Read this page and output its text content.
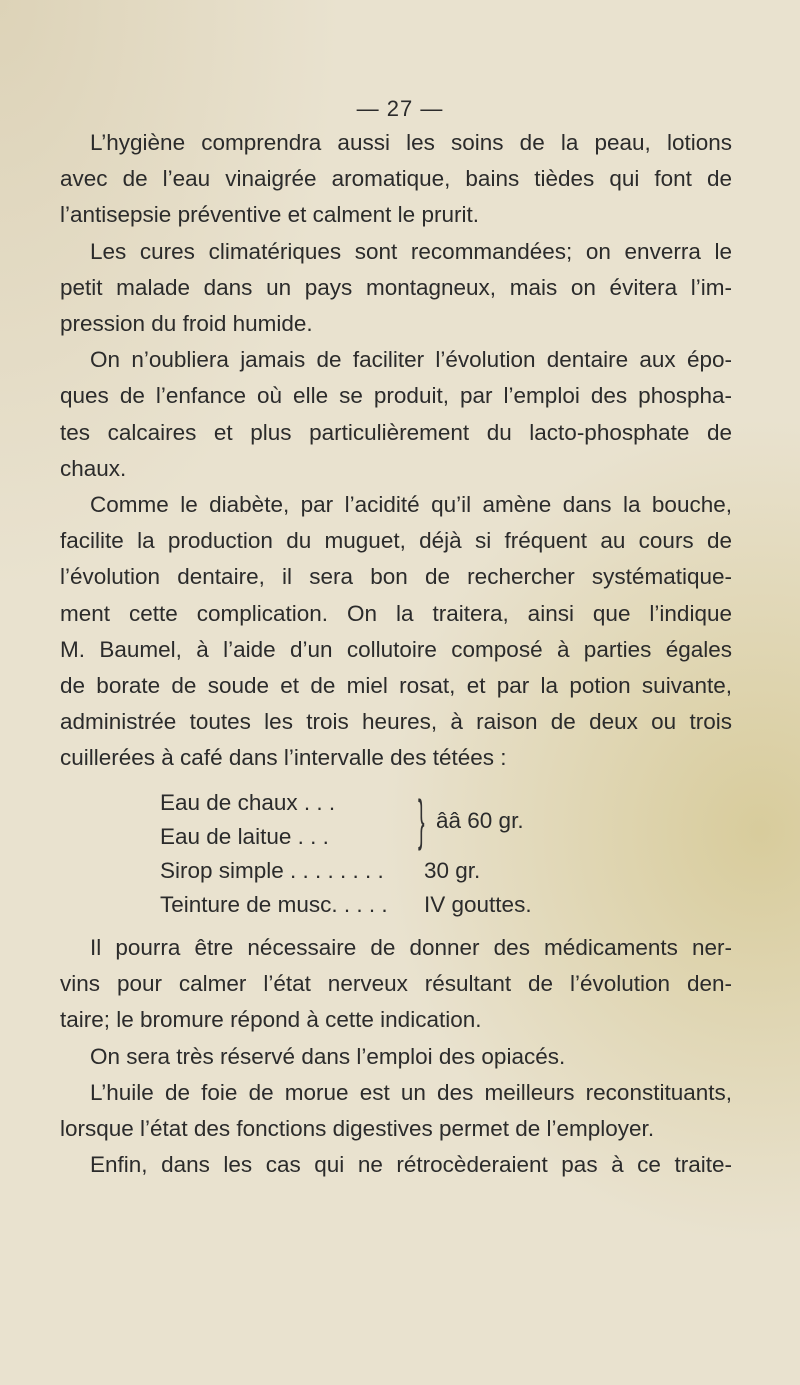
— 27 —
L’hygiène comprendra aussi les soins de la peau, lotions
avec de l’eau vinaigrée aromatique, bains tièdes qui font de
l’antisepsie préventive et calment le prurit.
Les cures climatériques sont recommandées; on enverra le
petit malade dans un pays montagneux, mais on évitera l’im-
pression du froid humide.
On n’oubliera jamais de faciliter l’évolution dentaire aux épo-
ques de l’enfance où elle se produit, par l’emploi des phospha-
tes calcaires et plus particulièrement du lacto-phosphate de
chaux.
Comme le diabète, par l’acidité qu’il amène dans la bouche,
facilite la production du muguet, déjà si fréquent au cours de
l’évolution dentaire, il sera bon de rechercher systématique-
ment cette complication. On la traitera, ainsi que l’indique
M. Baumel, à l’aide d’un collutoire composé à parties égales
de borate de soude et de miel rosat, et par la potion suivante,
administrée toutes les trois heures, à raison de deux ou trois
cuillerées à café dans l’intervalle des tétées :
Eau de chaux . . .
Eau de laitue . . . } ââ 60 gr.
Sirop simple . . . . . . . . 30 gr.
Teinture de musc. . . . . IV gouttes.
Il pourra être nécessaire de donner des médicaments ner-
vins pour calmer l’état nerveux résultant de l’évolution den-
taire; le bromure répond à cette indication.
On sera très réservé dans l’emploi des opiacés.
L’huile de foie de morue est un des meilleurs reconstituants,
lorsque l’état des fonctions digestives permet de l’employer.
Enfin, dans les cas qui ne rétrocèderaient pas à ce traite-
